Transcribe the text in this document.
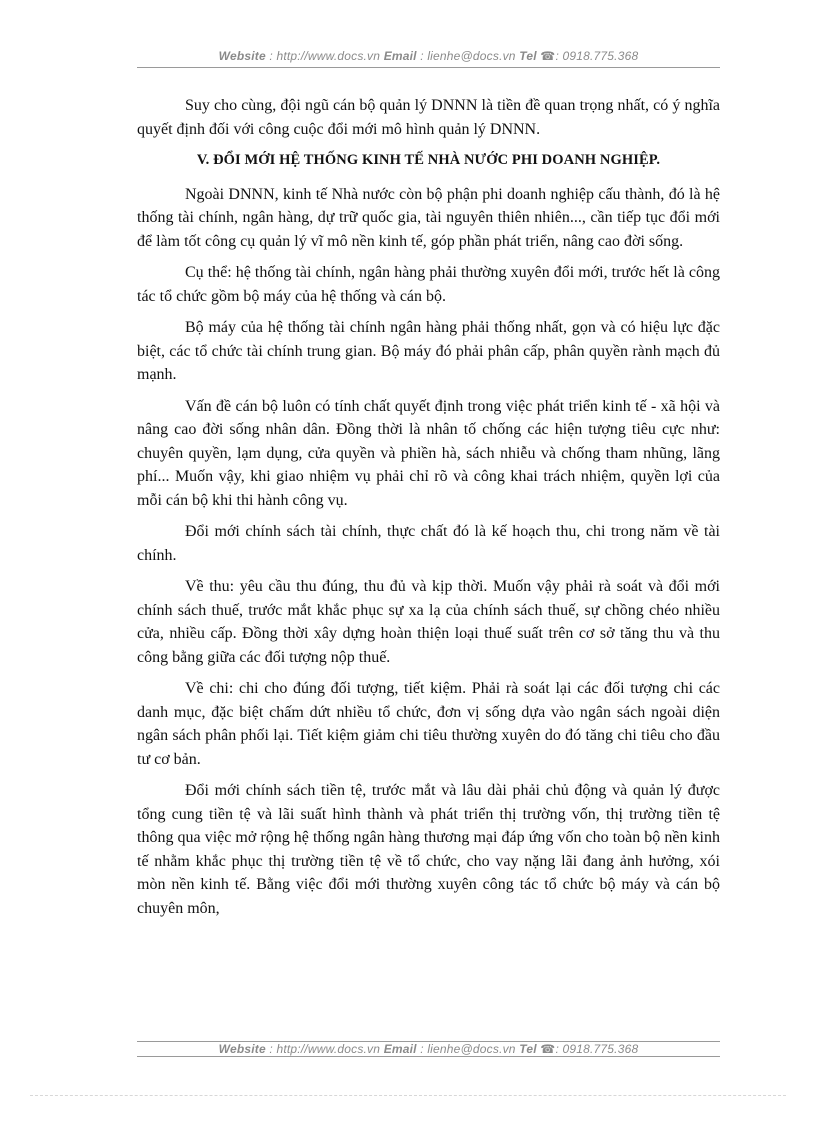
Website : http://www.docs.vn Email : lienhe@docs.vn Tel ☎: 0918.775.368

Suy cho cùng, đội ngũ cán bộ quản lý DNNN là tiền đề quan trọng nhất, có ý nghĩa quyết định đối với công cuộc đổi mới mô hình quản lý DNNN.

V. ĐỔI MỚI HỆ THỐNG KINH TẾ NHÀ NƯỚC PHI DOANH NGHIỆP.

Ngoài DNNN, kinh tế Nhà nước còn bộ phận phi doanh nghiệp cấu thành, đó là hệ thống tài chính, ngân hàng, dự trữ quốc gia, tài nguyên thiên nhiên..., cần tiếp tục đổi mới để làm tốt công cụ quản lý vĩ mô nền kinh tế, góp phần phát triển, nâng cao đời sống.

Cụ thể: hệ thống tài chính, ngân hàng phải thường xuyên đổi mới, trước hết là công tác tổ chức gồm bộ máy của hệ thống và cán bộ.

Bộ máy của hệ thống tài chính ngân hàng phải thống nhất, gọn và có hiệu lực đặc biệt, các tổ chức tài chính trung gian. Bộ máy đó phải phân cấp, phân quyền rành mạch đủ mạnh.

Vấn đề cán bộ luôn có tính chất quyết định trong việc phát triển kinh tế - xã hội và nâng cao đời sống nhân dân. Đồng thời là nhân tố chống các hiện tượng tiêu cực như: chuyên quyền, lạm dụng, cửa quyền và phiền hà, sách nhiễu và chống tham nhũng, lãng phí... Muốn vậy, khi giao nhiệm vụ phải chỉ rõ và công khai trách nhiệm, quyền lợi của mỗi cán bộ khi thi hành công vụ.

Đổi mới chính sách tài chính, thực chất đó là kế hoạch thu, chi trong năm về tài chính.

Về thu: yêu cầu thu đúng, thu đủ và kịp thời. Muốn vậy phải rà soát và đổi mới chính sách thuế, trước mắt khắc phục sự xa lạ của chính sách thuế, sự chồng chéo nhiều cửa, nhiều cấp. Đồng thời xây dựng hoàn thiện loại thuế suất trên cơ sở tăng thu và thu công bằng giữa các đối tượng nộp thuế.

Về chi: chi cho đúng đối tượng, tiết kiệm. Phải rà soát lại các đối tượng chi các danh mục, đặc biệt chấm dứt nhiều tổ chức, đơn vị sống dựa vào ngân sách ngoài diện ngân sách phân phối lại. Tiết kiệm giảm chi tiêu thường xuyên do đó tăng chi tiêu cho đầu tư cơ bản.

Đổi mới chính sách tiền tệ, trước mắt và lâu dài phải chủ động và quản lý được tổng cung tiền tệ và lãi suất hình thành và phát triển thị trường vốn, thị trường tiền tệ thông qua việc mở rộng hệ thống ngân hàng thương mại đáp ứng vốn cho toàn bộ nền kinh tế nhằm khắc phục thị trường tiền tệ về tổ chức, cho vay nặng lãi đang ảnh hưởng, xói mòn nền kinh tế. Bằng việc đổi mới thường xuyên công tác tổ chức bộ máy và cán bộ chuyên môn,

Website : http://www.docs.vn Email : lienhe@docs.vn Tel ☎: 0918.775.368
